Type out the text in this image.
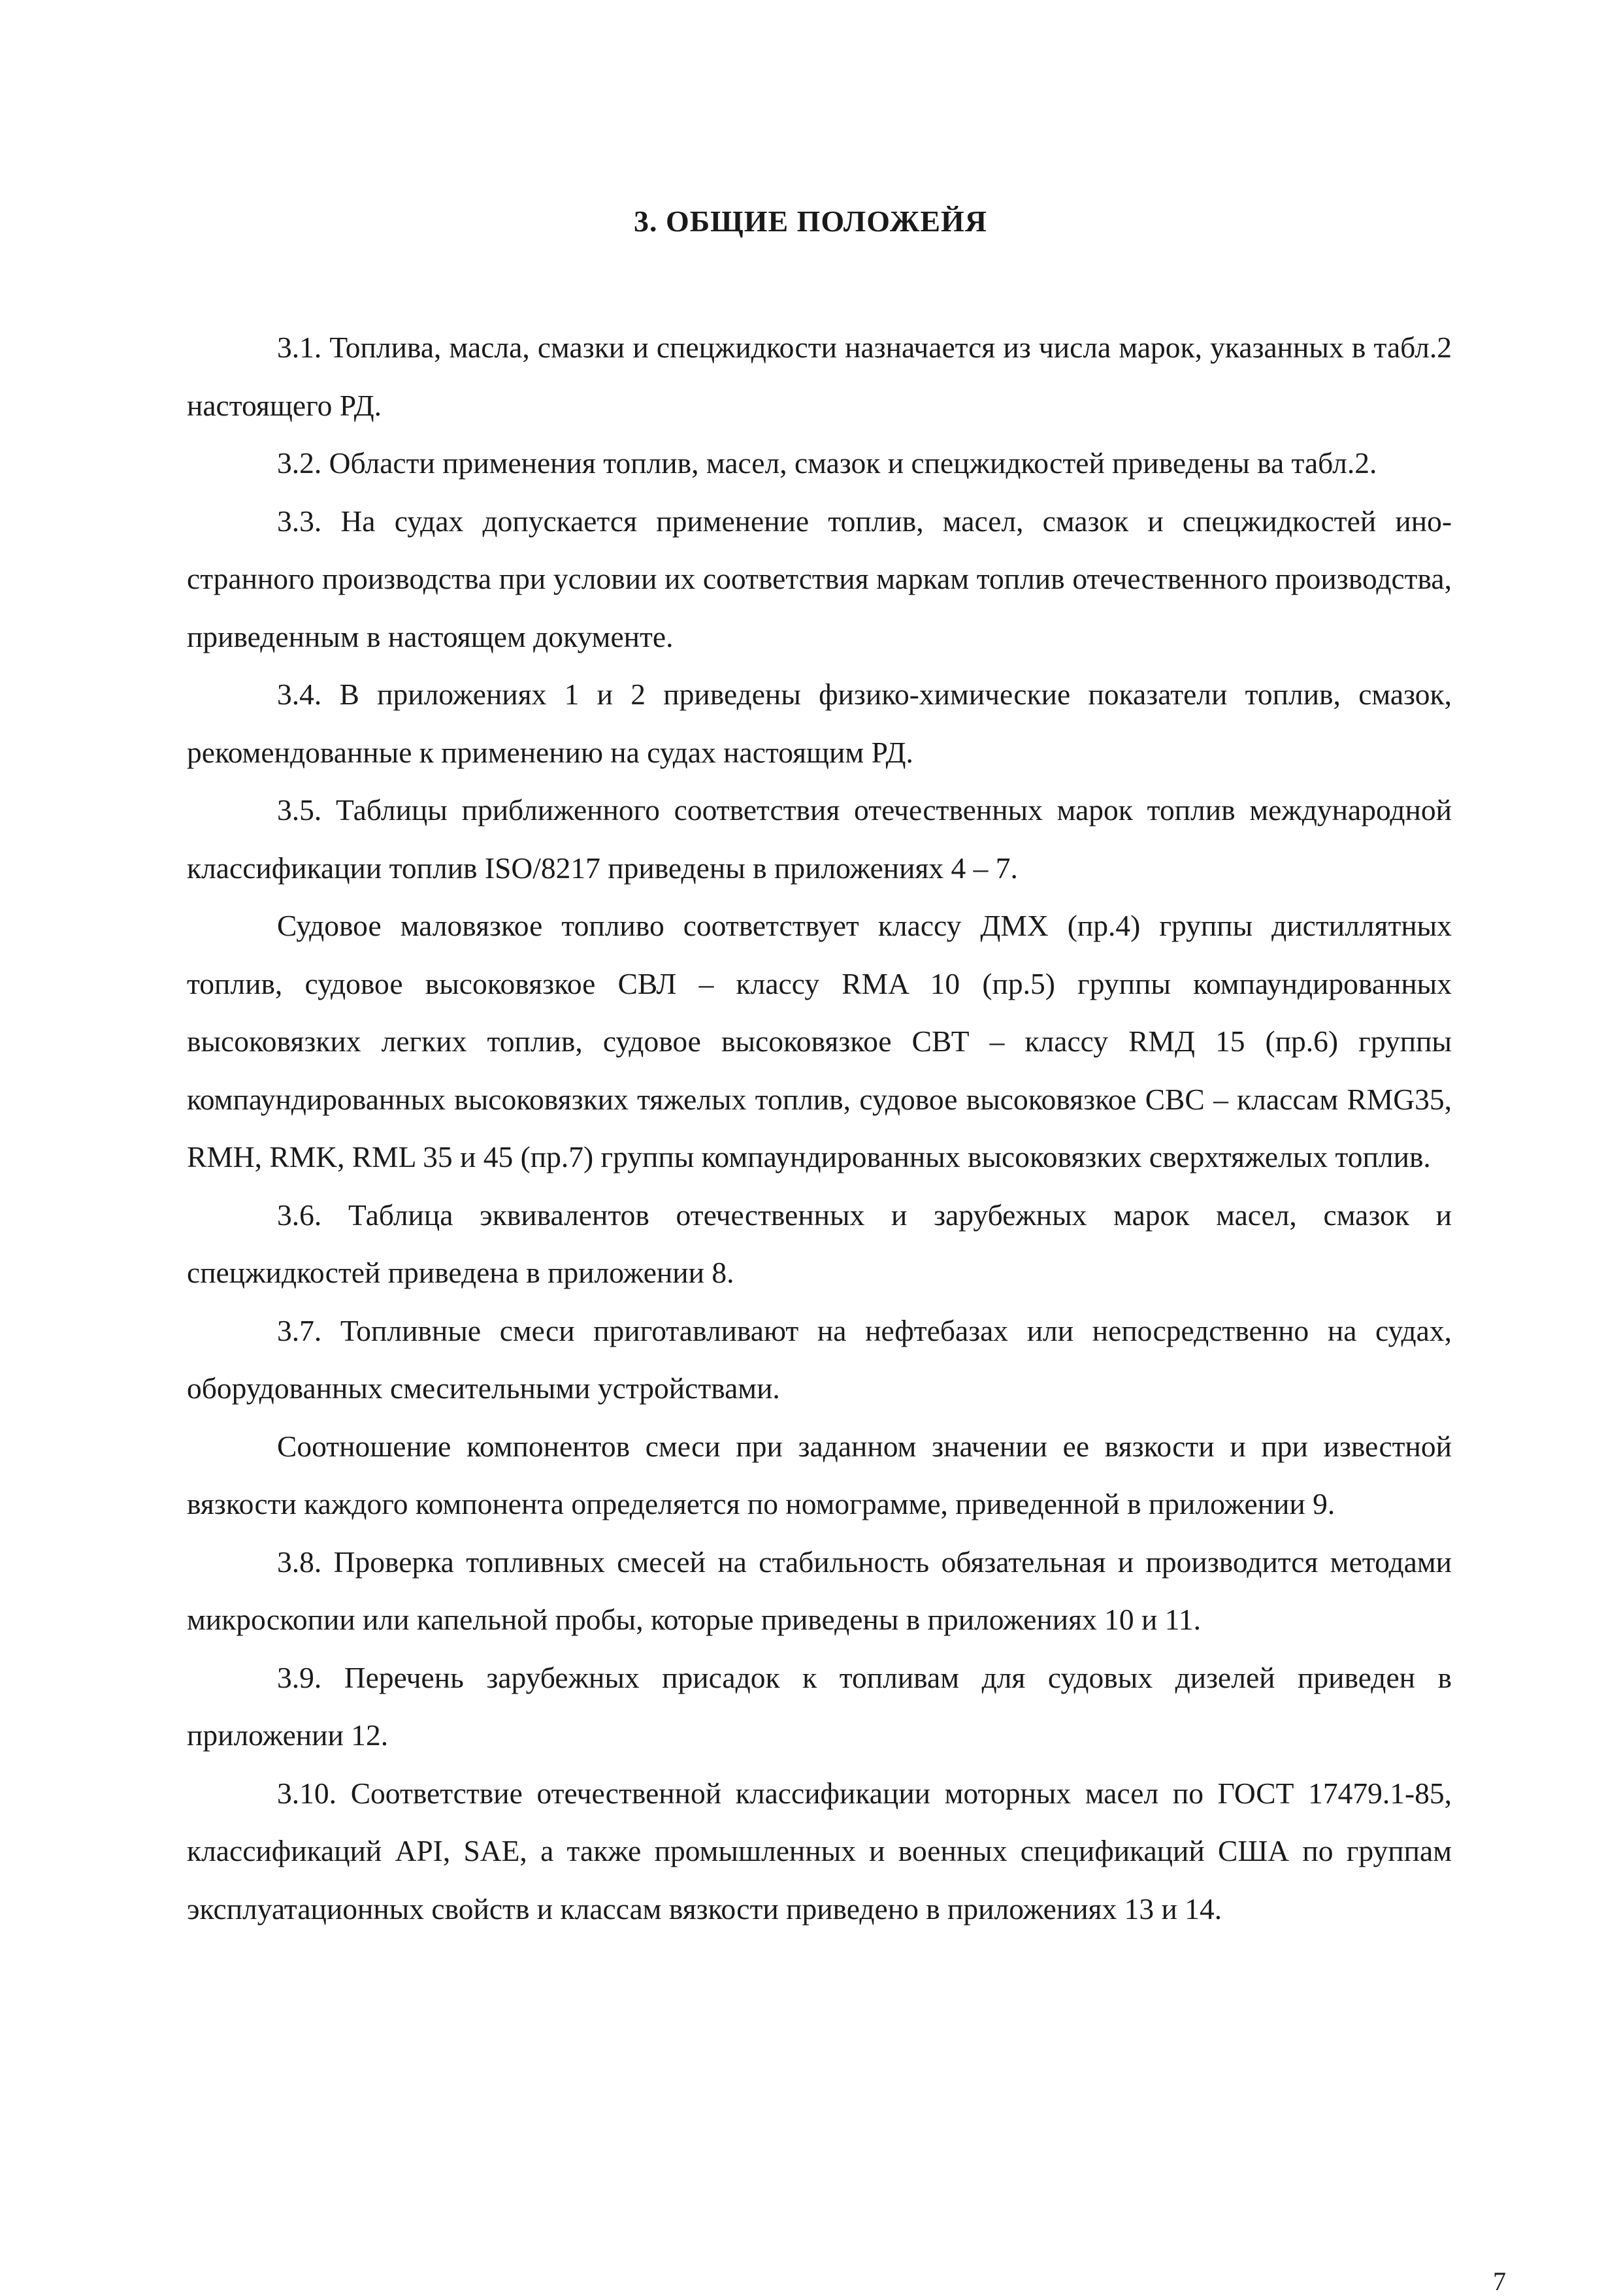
3. ОБЩИЕ ПОЛОЖЕЙЯ

3.1. Топлива, масла, смазки и спецжидкости назначается из числа марок, указанных в табл.2 настоящего РД.

3.2. Области применения топлив, масел, смазок и спецжидкостей приведены ва табл.2.

3.3. На судах допускается применение топлив, масел, смазок и спецжидкостей иностранного производства при условии их соответствия маркам топлив отечественного производства, приведенным в настоящем документе.

3.4. В приложениях 1 и 2 приведены физико-химические показатели топлив, смазок, рекомендованные к применению на судах настоящим РД.

3.5. Таблицы приближенного соответствия отечественных марок топлив международной классификации топлив ISO/8217 приведены в приложениях 4 – 7.

Судовое маловязкое топливо соответствует классу ДМХ (пр.4) группы дистиллятных топлив, судовое высоковязкое СВЛ – классу RMA 10 (пр.5) группы компаундированных высоковязких легких топлив, судовое высоковязкое СВТ – классу RMД 15 (пр.6) группы компаундированных высоковязких тяжелых топлив, судовое высоковязкое СВС – классам RMG35, RMH, RMK, RML 35 и 45 (пр.7) группы компаундированных высоковязких сверхтяжелых топлив.

3.6. Таблица эквивалентов отечественных и зарубежных марок масел, смазок и спецжидкостей приведена в приложении 8.

3.7. Топливные смеси приготавливают на нефтебазах или непосредственно на судах, оборудованных смесительными устройствами.

Соотношение компонентов смеси при заданном значении ее вязкости и при известной вязкости каждого компонента определяется по номограмме, приведенной в приложении 9.

3.8. Проверка топливных смесей на стабильность обязательная и производится методами микроскопии или капельной пробы, которые приведены в приложениях 10 и 11.

3.9. Перечень зарубежных присадок к топливам для судовых дизелей приведен в приложении 12.

3.10. Соответствие отечественной классификации моторных масел по ГОСТ 17479.1-85, классификаций API, SAE, а также промышленных и военных спецификаций США по группам эксплуатационных свойств и классам вязкости приведено в приложениях 13 и 14.

7
